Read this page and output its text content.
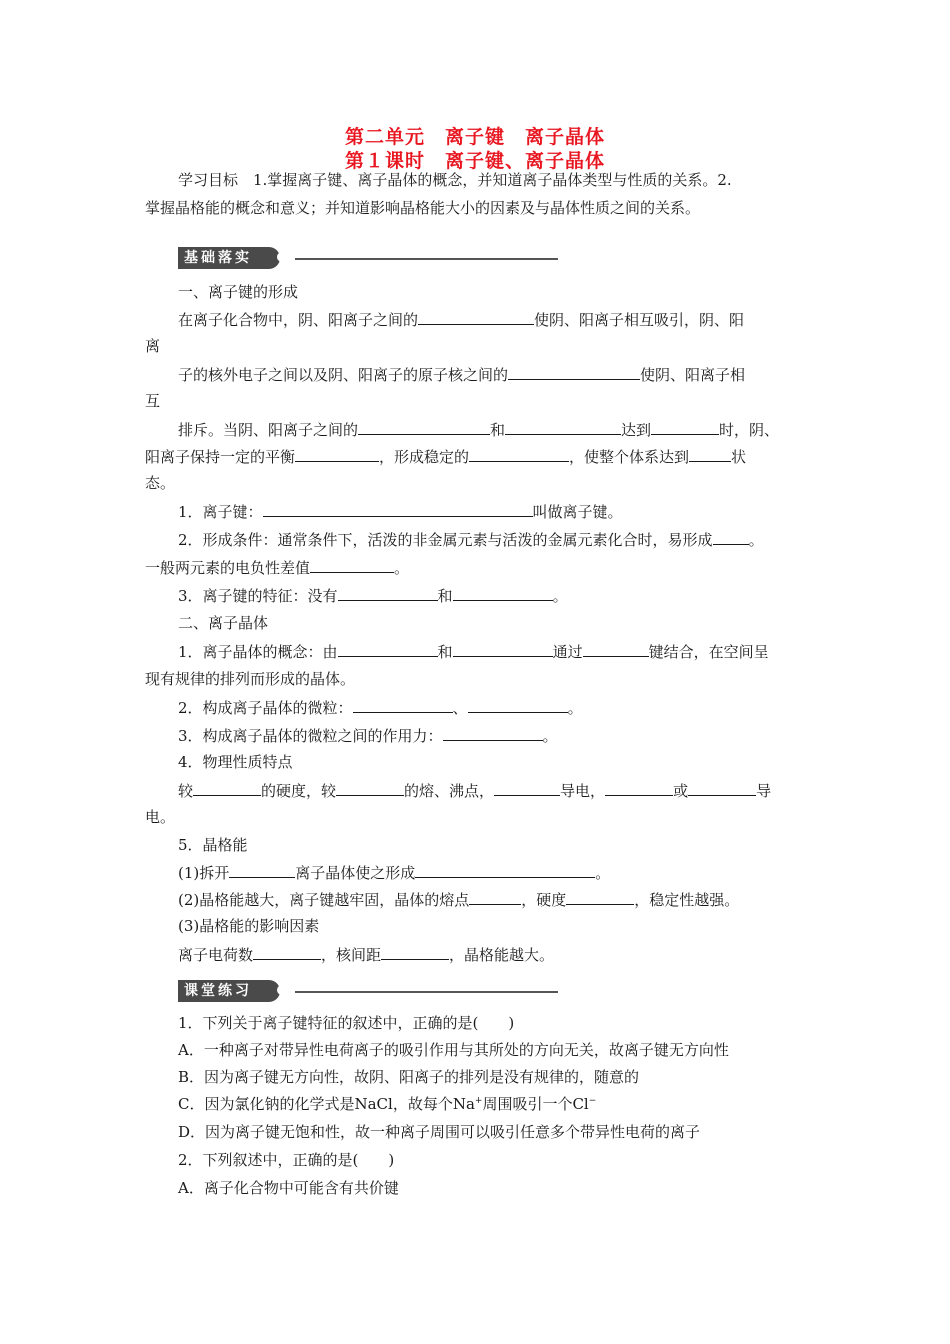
第二单元　离子键　离子晶体
第１课时　离子键、离子晶体

学习目标　1.掌握离子键、离子晶体的概念，并知道离子晶体类型与性质的关系。2.

掌握晶格能的概念和意义；并知道影响晶格能大小的因素及与晶体性质之间的关系。

基础落实

一、离子键的形成

在离子化合物中，阴、阳离子之间的	使阴、阳离子相互吸引，阴、阳

离

子的核外电子之间以及阴、阳离子的原子核之间的	使阴、阳离子相

互

排斥。当阴、阳离子之间的	和	达到	时，阴、

阳离子保持一定的平衡	，形成稳定的	，使整个体系达到	状

态。

1．离子键：	叫做离子键。

2．形成条件：通常条件下，活泼的非金属元素与活泼的金属元素化合时，易形成 。

一般两元素的电负性差值	。

3．离子键的特征：没有	和	。

二、离子晶体

1．离子晶体的概念：由	和	通过	键结合，在空间呈

现有规律的排列而形成的晶体。

2．构成离子晶体的微粒：	、	。

3．构成离子晶体的微粒之间的作用力：	。

4．物理性质特点

较	的硬度，较	的熔、沸点，	导电，	或	导

电。

5．晶格能

(1)拆开	离子晶体使之形成	。

(2)晶格能越大，离子键越牢固，晶体的熔点	，硬度	，稳定性越强。

(3)晶格能的影响因素

离子电荷数	，核间距	，晶格能越大。

课堂练习

1．下列关于离子键特征的叙述中，正确的是(　　)

A．一种离子对带异性电荷离子的吸引作用与其所处的方向无关，故离子键无方向性

B．因为离子键无方向性，故阴、阳离子的排列是没有规律的，随意的

C．因为氯化钠的化学式是NaCl，故每个Na+周围吸引一个Cl−

D．因为离子键无饱和性，故一种离子周围可以吸引任意多个带异性电荷的离子

2．下列叙述中，正确的是(　　)

A．离子化合物中可能含有共价键
